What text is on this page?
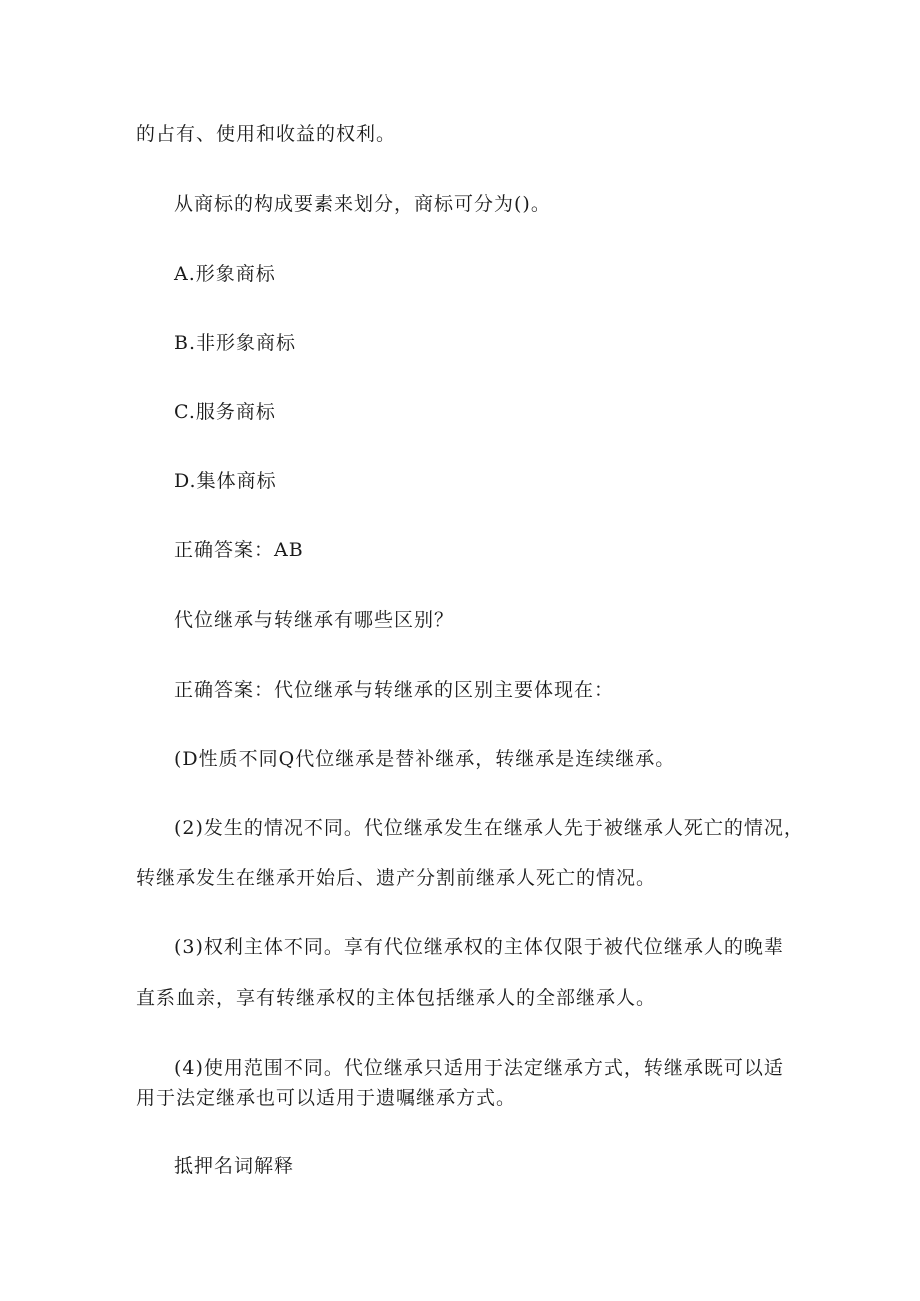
的占有、使用和收益的权利。
从商标的构成要素来划分，商标可分为()。
A.形象商标
B.非形象商标
C.服务商标
D.集体商标
正确答案：AB
代位继承与转继承有哪些区别？
正确答案：代位继承与转继承的区别主要体现在：
(D性质不同Q代位继承是替补继承，转继承是连续继承。
(2)发生的情况不同。代位继承发生在继承人先于被继承人死亡的情况，
转继承发生在继承开始后、遗产分割前继承人死亡的情况。
(3)权利主体不同。享有代位继承权的主体仅限于被代位继承人的晚辈
直系血亲，享有转继承权的主体包括继承人的全部继承人。
(4)使用范围不同。代位继承只适用于法定继承方式，转继承既可以适
用于法定继承也可以适用于遗嘱继承方式。
抵押名词解释
